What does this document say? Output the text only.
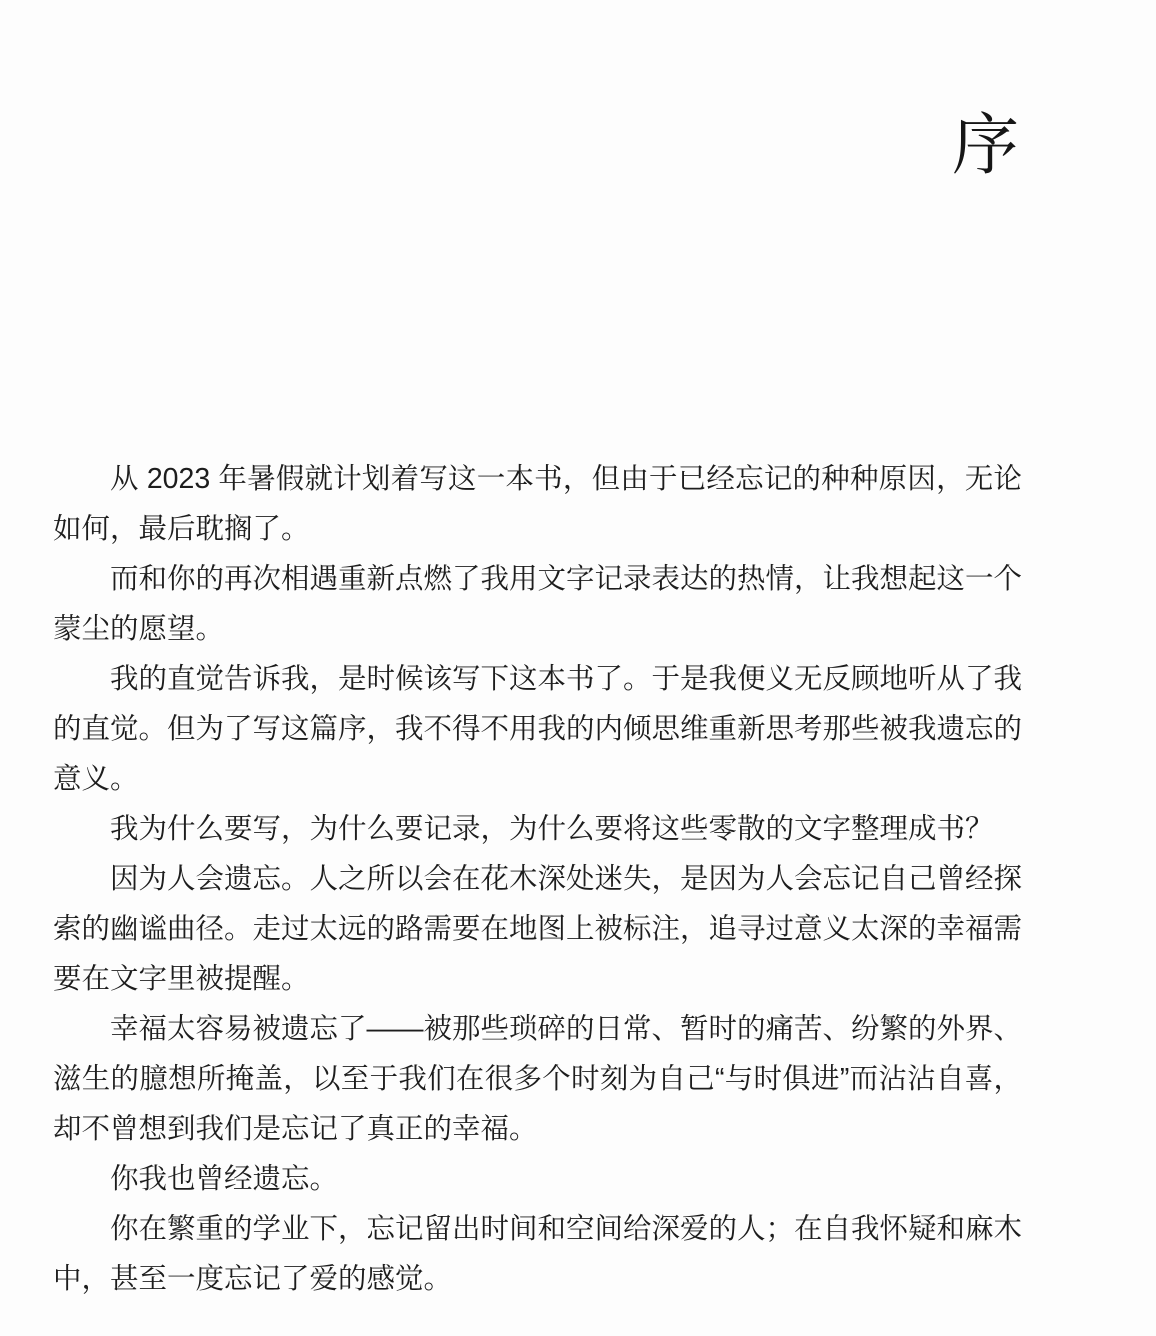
序

从 2023 年暑假就计划着写这一本书，但由于已经忘记的种种原因，无论
如何，最后耽搁了。

而和你的再次相遇重新点燃了我用文字记录表达的热情，让我想起这一个
蒙尘的愿望。

我的直觉告诉我，是时候该写下这本书了。于是我便义无反顾地听从了我
的直觉。但为了写这篇序，我不得不用我的内倾思维重新思考那些被我遗忘的
意义。

我为什么要写，为什么要记录，为什么要将这些零散的文字整理成书？

因为人会遗忘。人之所以会在花木深处迷失，是因为人会忘记自己曾经探
索的幽谧曲径。走过太远的路需要在地图上被标注，追寻过意义太深的幸福需
要在文字里被提醒。

幸福太容易被遗忘了——被那些琐碎的日常、暂时的痛苦、纷繁的外界、
滋生的臆想所掩盖，以至于我们在很多个时刻为自己“与时俱进”而沾沾自喜，
却不曾想到我们是忘记了真正的幸福。

你我也曾经遗忘。

你在繁重的学业下，忘记留出时间和空间给深爱的人；在自我怀疑和麻木
中，甚至一度忘记了爱的感觉。
